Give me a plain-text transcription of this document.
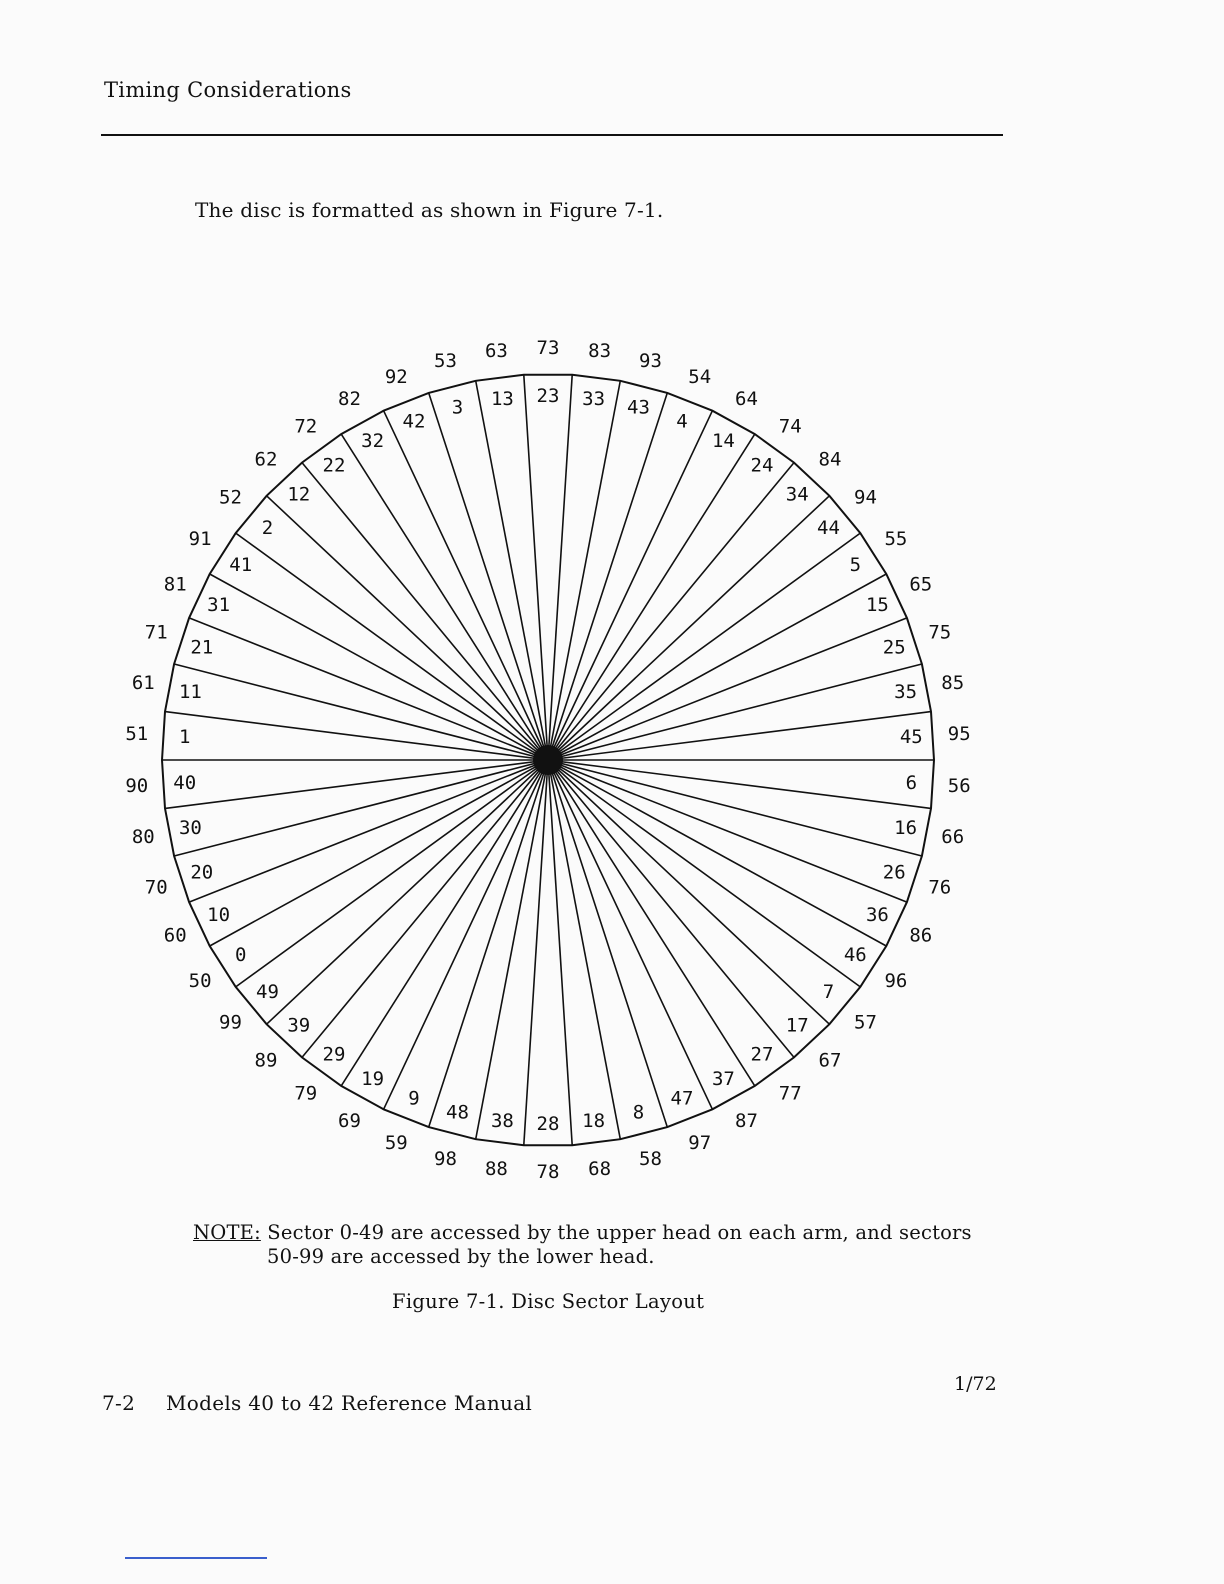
Timing Considerations
The disc is formatted as shown in Figure 7-1.
23 33 43
4
14
24
34
44
5
15
25
35
45
6
16
26
36
46
7
17
27
37
47
8
18
28
38
48
9
19
29
39
49
0
10
20
30
40
1
11
21
31
41
2
12
22
32
42
3 13
73 83 93
54
64
74
84
94
55
65
75
85
95
56
66
76
86
96
57
67
77
87
97
58
68
78
88
98
59
69
79
89
99
50
60
70
80
90
51
61
71
81
91
52
62
72
82
92
53 63
NOTE: Sector 0-49 are accessed by the upper head on each arm, and sectors
50-99 are accessed by the lower head.
Figure 7-1. Disc Sector Layout
7-2 Models 40 to 42 Reference Manual
1/72
